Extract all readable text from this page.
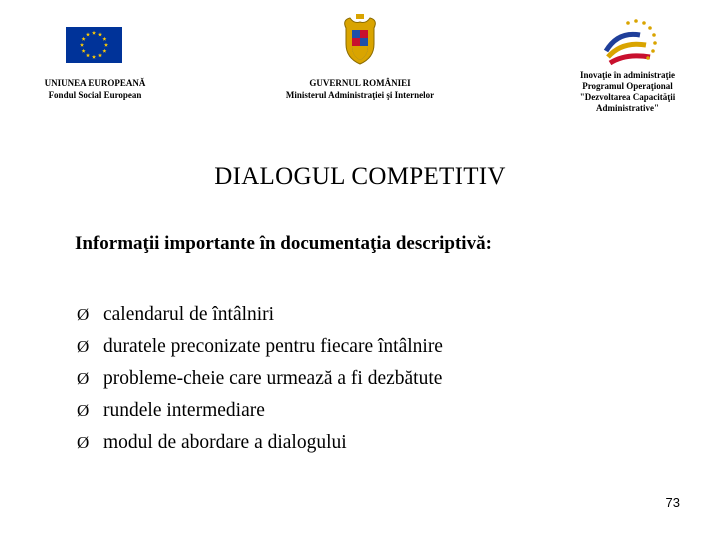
UNIUNEA EUROPEANĂ
Fondul Social European
GUVERNUL ROMÂNIEI
Ministerul Administraţiei şi Internelor
Inovaţie în administraţie
Programul Operaţional
"Dezvoltarea Capacităţii
Administrative"
DIALOGUL COMPETITIV
Informaţii importante în documentaţia descriptivă:
Ø calendarul de întâlniri
Ø duratele preconizate pentru fiecare întâlnire
Ø probleme-cheie care urmează a fi dezbătute
Ø rundele intermediare
Ø modul de abordare a dialogului
73
